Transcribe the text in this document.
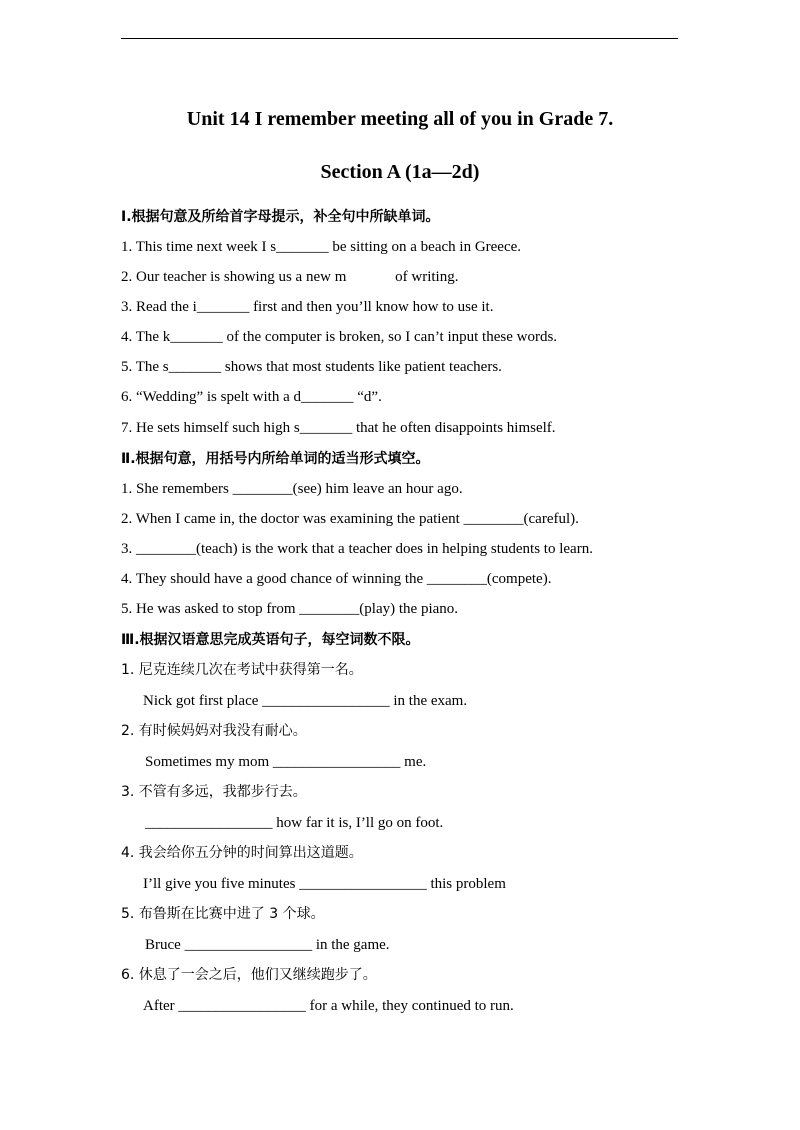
Unit 14 I remember meeting all of you in Grade 7.
Section A (1a—2d)
Ⅰ.根据句意及所给首字母提示，补全句中所缺单词。
1. This time next week I s_______ be sitting on a beach in Greece.
2. Our teacher is showing us a new m             of writing.
3. Read the i_______ first and then you’ll know how to use it.
4. The k_______ of the computer is broken, so I can’t input these words.
5. The s_______ shows that most students like patient teachers.
6. “Wedding” is spelt with a d_______ “d”.
7. He sets himself such high s_______ that he often disappoints himself.
Ⅱ.根据句意，用括号内所给单词的适当形式填空。
1. She remembers ________(see) him leave an hour ago.
2. When I came in, the doctor was examining the patient ________(careful).
3. ________(teach) is the work that a teacher does in helping students to learn.
4. They should have a good chance of winning the ________(compete).
5. He was asked to stop from ________(play) the piano.
Ⅲ.根据汉语意思完成英语句子，每空词数不限。
1. 尼克连续几次在考试中获得第一名。
Nick got first place _________________ in the exam.
2. 有时候妈妈对我没有耐心。
Sometimes my mom _________________ me.
3. 不管有多远，我都步行去。
_________________ how far it is, I’ll go on foot.
4. 我会给你五分钟的时间算出这道题。
I’ll give you five minutes _________________ this problem
5. 布鲁斯在比赛中进了 3 个球。
Bruce _________________ in the game.
6. 休息了一会之后，他们又继续跑步了。
After _________________ for a while, they continued to run.
